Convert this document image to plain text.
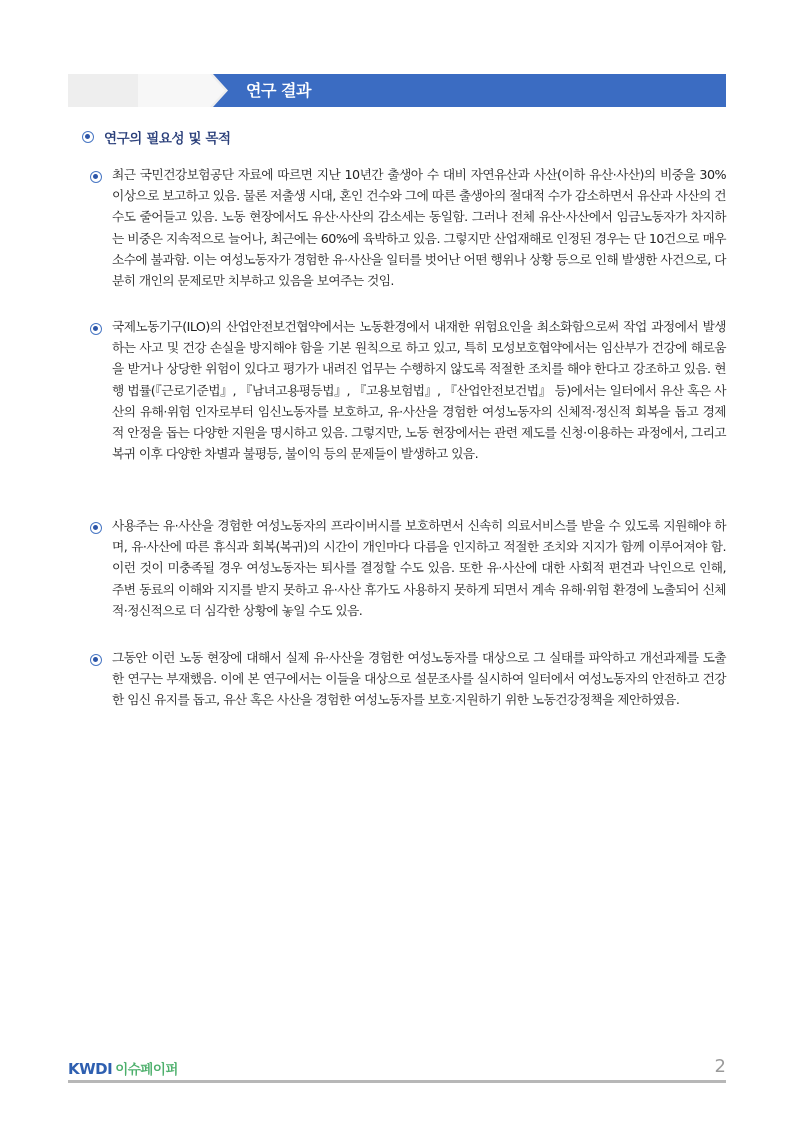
연구 결과
연구의 필요성 및 목적
최근 국민건강보험공단 자료에 따르면 지난 10년간 출생아 수 대비 자연유산과 사산(이하 유산·사산)의 비중을 30% 이상으로 보고하고 있음. 물론 저출생 시대, 혼인 건수와 그에 따른 출생아의 절대적 수가 감소하면서 유산과 사산의 건수도 줄어들고 있음. 노동 현장에서도 유산·사산의 감소세는 동일함. 그러나 전체 유산·사산에서 임금노동자가 차지하는 비중은 지속적으로 늘어나, 최근에는 60%에 육박하고 있음. 그렇지만 산업재해로 인정된 경우는 단 10건으로 매우 소수에 불과함. 이는 여성노동자가 경험한 유·사산을 일터를 벗어난 어떤 행위나 상황 등으로 인해 발생한 사건으로, 다분히 개인의 문제로만 치부하고 있음을 보여주는 것임.
국제노동기구(ILO)의 산업안전보건협약에서는 노동환경에서 내재한 위험요인을 최소화함으로써 작업 과정에서 발생하는 사고 및 건강 손실을 방지해야 함을 기본 원칙으로 하고 있고, 특히 모성보호협약에서는 임산부가 건강에 해로움을 받거나 상당한 위험이 있다고 평가가 내려진 업무는 수행하지 않도록 적절한 조치를 해야 한다고 강조하고 있음. 현행 법률(『근로기준법』, 『남녀고용평등법』, 『고용보험법』, 『산업안전보건법』 등)에서는 일터에서 유산 혹은 사산의 유해·위험 인자로부터 임신노동자를 보호하고, 유·사산을 경험한 여성노동자의 신체적·정신적 회복을 돕고 경제적 안정을 돕는 다양한 지원을 명시하고 있음. 그렇지만, 노동 현장에서는 관련 제도를 신청·이용하는 과정에서, 그리고 복귀 이후 다양한 차별과 불평등, 불이익 등의 문제들이 발생하고 있음.
사용주는 유·사산을 경험한 여성노동자의 프라이버시를 보호하면서 신속히 의료서비스를 받을 수 있도록 지원해야 하며, 유·사산에 따른 휴식과 회복(복귀)의 시간이 개인마다 다름을 인지하고 적절한 조치와 지지가 함께 이루어져야 함. 이런 것이 미충족될 경우 여성노동자는 퇴사를 결정할 수도 있음. 또한 유·사산에 대한 사회적 편견과 낙인으로 인해, 주변 동료의 이해와 지지를 받지 못하고 유·사산 휴가도 사용하지 못하게 되면서 계속 유해·위험 환경에 노출되어 신체적·정신적으로 더 심각한 상황에 놓일 수도 있음.
그동안 이런 노동 현장에 대해서 실제 유·사산을 경험한 여성노동자를 대상으로 그 실태를 파악하고 개선과제를 도출한 연구는 부재했음. 이에 본 연구에서는 이들을 대상으로 설문조사를 실시하여 일터에서 여성노동자의 안전하고 건강한 임신 유지를 돕고, 유산 혹은 사산을 경험한 여성노동자를 보호·지원하기 위한 노동건강정책을 제안하였음.
KWDI 이슈페이퍼	2
